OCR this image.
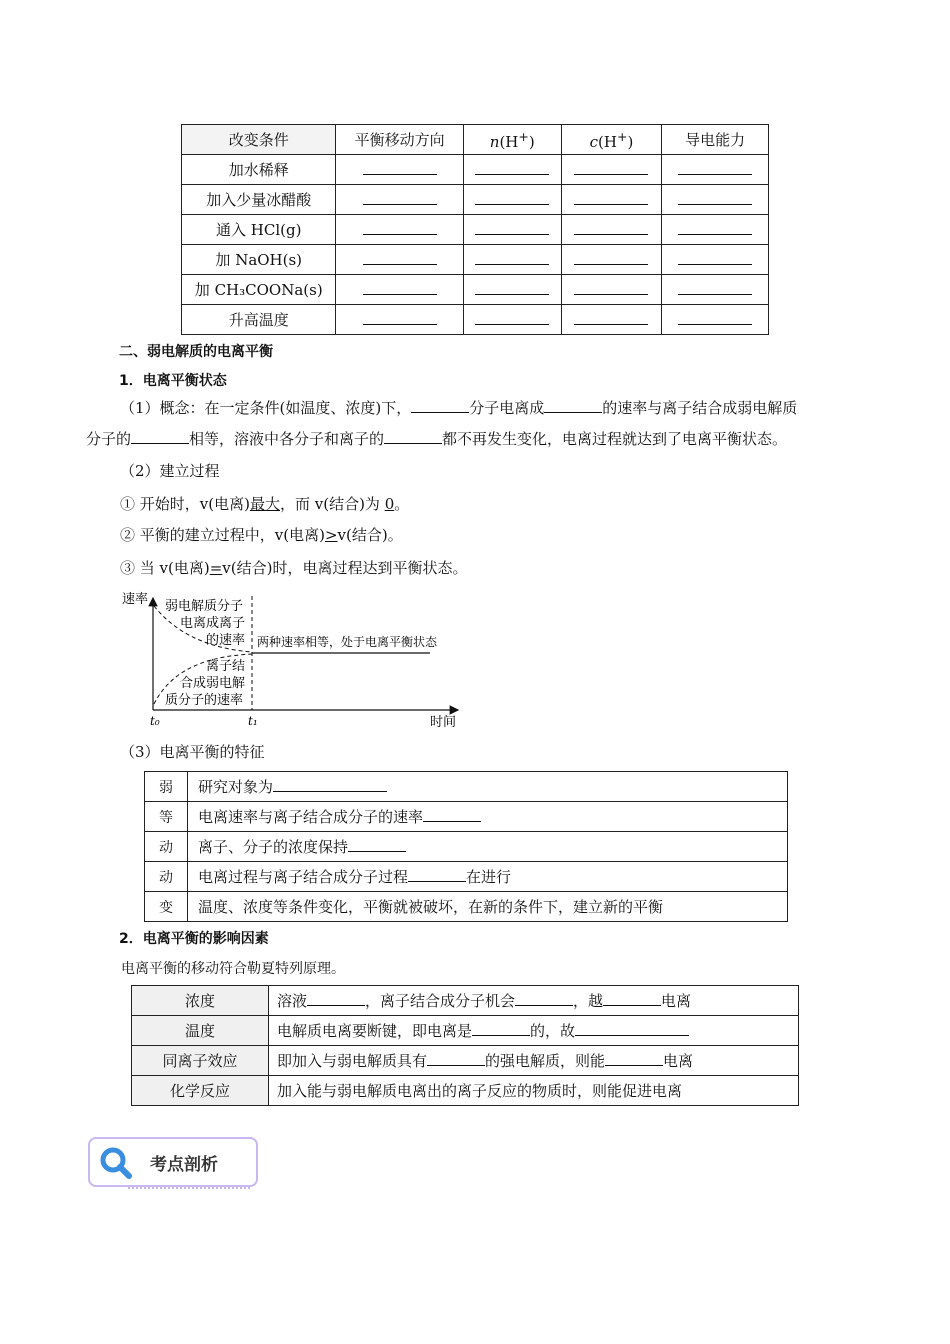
改变条件	平衡移动方向	n(H+)	c(H+)	导电能力
加水稀释				
加入少量冰醋酸				
通入 HCl(g)				
加 NaOH(s)				
加 CH₃COONa(s)				
升高温度				
二、弱电解质的电离平衡
1．电离平衡状态
（1）概念：在一定条件(如温度、浓度)下，	分子电离成	的速率与离子结合成弱电解质
分子的	相等，溶液中各分子和离子的	都不再发生变化，电离过程就达到了电离平衡状态。
（2）建立过程
① 开始时，v(电离)最大，而 v(结合)为 0。
② 平衡的建立过程中，v(电离)>v(结合)。
③ 当 v(电离)=v(结合)时，电离过程达到平衡状态。
速率
时间
t₀	t₁
弱电解质分子
电离成离子
的速率
离子结
合成弱电解
质分子的速率
两种速率相等，处于电离平衡状态
（3）电离平衡的特征
弱	研究对象为
等	电离速率与离子结合成分子的速率
动	离子、分子的浓度保持
动	电离过程与离子结合成分子过程 在进行
变	温度、浓度等条件变化，平衡就被破坏，在新的条件下，建立新的平衡
2．电离平衡的影响因素
电离平衡的移动符合勒夏特列原理。
浓度	溶液 ，离子结合成分子机会 ，越 电离
温度	电解质电离要断键，即电离是 的，故
同离子效应	即加入与弱电解质具有 的强电解质，则能 电离
化学反应	加入能与弱电解质电离出的离子反应的物质时，则能促进电离
考点剖析
